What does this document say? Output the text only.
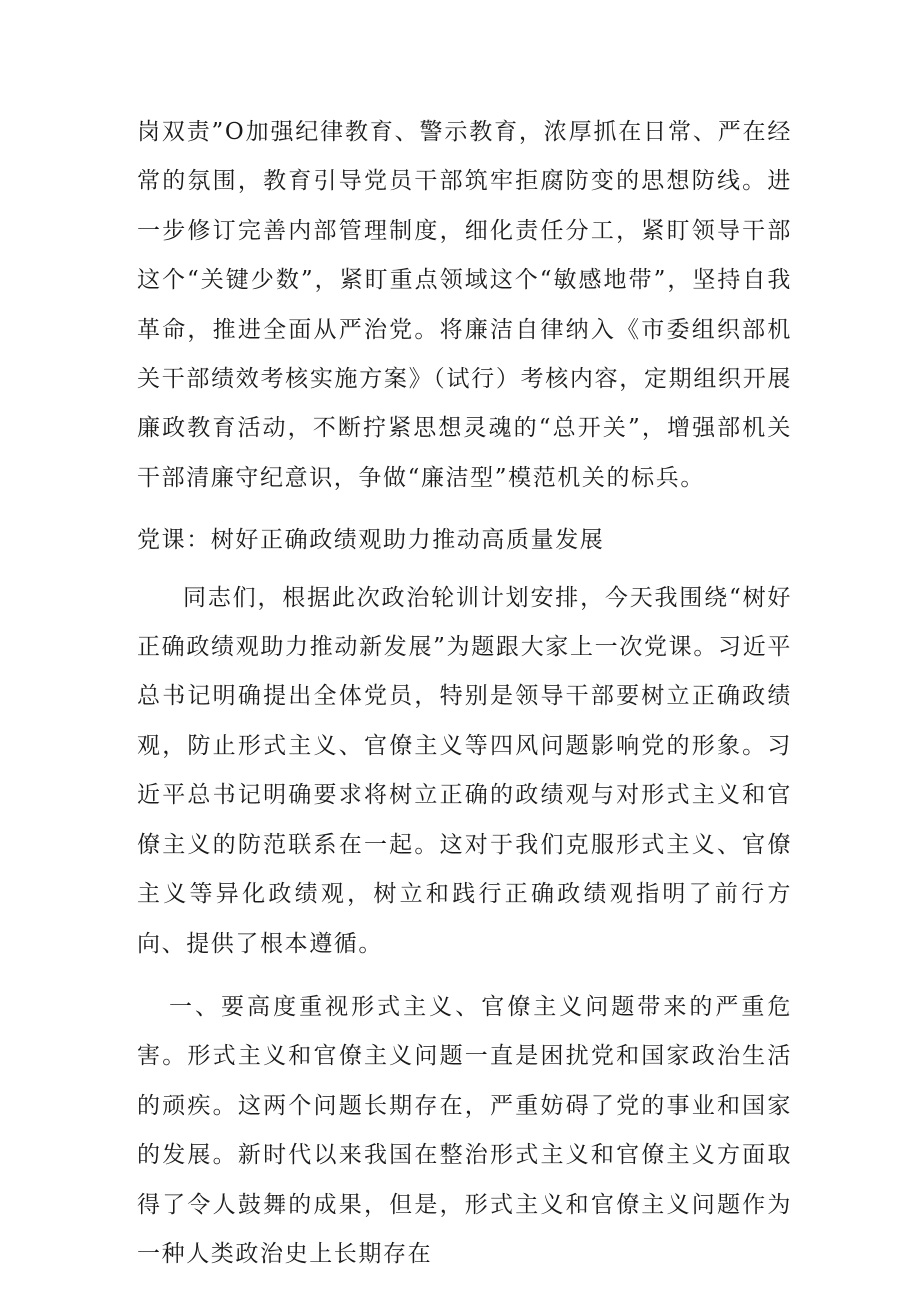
岗双责”O加强纪律教育、警示教育，浓厚抓在日常、严在经常的氛围，教育引导党员干部筑牢拒腐防变的思想防线。进一步修订完善内部管理制度，细化责任分工，紧盯领导干部这个“关键少数”，紧盯重点领域这个“敏感地带”，坚持自我革命，推进全面从严治党。将廉洁自律纳入《市委组织部机关干部绩效考核实施方案》（试行）考核内容，定期组织开展廉政教育活动，不断拧紧思想灵魂的“总开关”，增强部机关干部清廉守纪意识，争做“廉洁型”模范机关的标兵。

党课：树好正确政绩观助力推动高质量发展

同志们，根据此次政治轮训计划安排，今天我围绕“树好正确政绩观助力推动新发展”为题跟大家上一次党课。习近平总书记明确提出全体党员，特别是领导干部要树立正确政绩观，防止形式主义、官僚主义等四风问题影响党的形象。习近平总书记明确要求将树立正确的政绩观与对形式主义和官僚主义的防范联系在一起。这对于我们克服形式主义、官僚主义等异化政绩观，树立和践行正确政绩观指明了前行方向、提供了根本遵循。

一、要高度重视形式主义、官僚主义问题带来的严重危害。形式主义和官僚主义问题一直是困扰党和国家政治生活的顽疾。这两个问题长期存在，严重妨碍了党的事业和国家的发展。新时代以来我国在整治形式主义和官僚主义方面取得了令人鼓舞的成果，但是，形式主义和官僚主义问题作为一种人类政治史上长期存在
